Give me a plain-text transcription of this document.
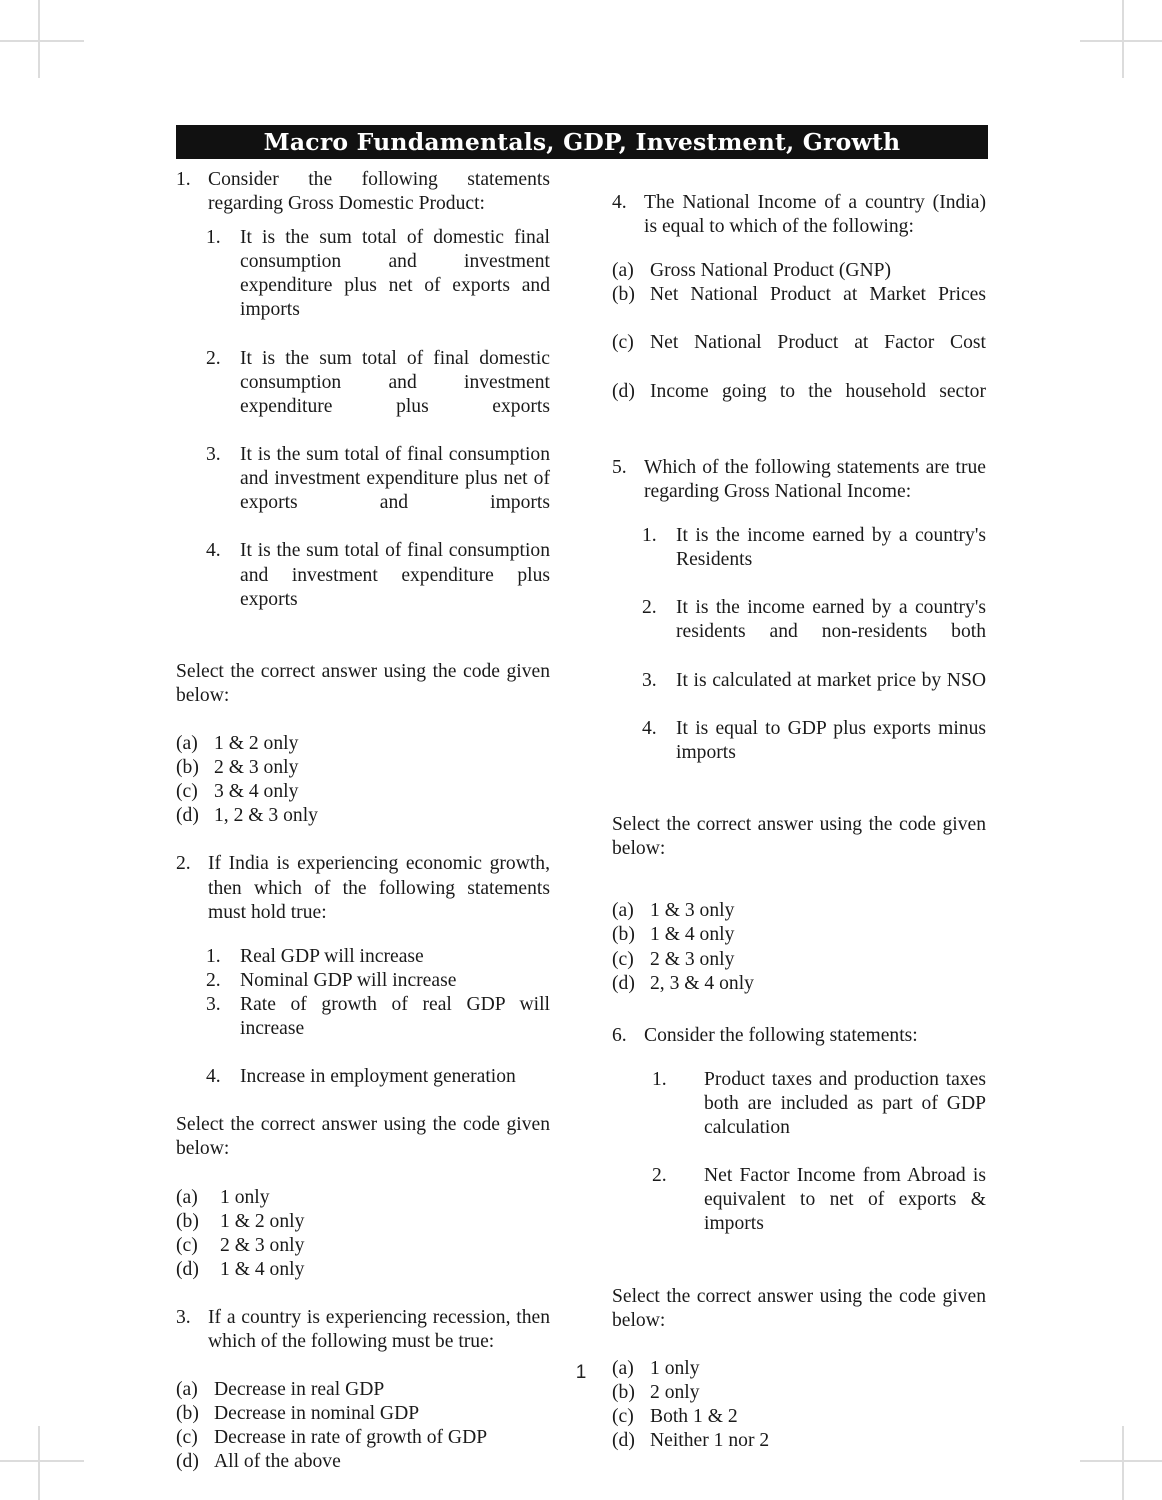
Macro Fundamentals, GDP, Investment, Growth
1. Consider the following statements regarding Gross Domestic Product:
1. It is the sum total of domestic final consumption and investment expenditure plus net of exports and imports
2. It is the sum total of final domestic consumption and investment expenditure plus exports
3. It is the sum total of final consumption and investment expenditure plus net of exports and imports
4. It is the sum total of final consumption and investment expenditure plus exports
Select the correct answer using the code given below:
(a) 1 & 2 only
(b) 2 & 3 only
(c) 3 & 4 only
(d) 1, 2 & 3 only
2. If India is experiencing economic growth, then which of the following statements must hold true:
1. Real GDP will increase
2. Nominal GDP will increase
3. Rate of growth of real GDP will increase
4. Increase in employment generation
Select the correct answer using the code given below:
(a)	1 only
(b)	1 & 2 only
(c)	2 & 3 only
(d)	1 & 4 only
3. If a country is experiencing recession, then which of the following must be true:
(a) Decrease in real GDP
(b) Decrease in nominal GDP
(c) Decrease in rate of growth of GDP
(d) All of the above
4. The National Income of a country (India) is equal to which of the following:
(a) Gross National Product (GNP)
(b) Net National Product at Market Prices
(c) Net National Product at Factor Cost
(d) Income going to the household sector
5. Which of the following statements are true regarding Gross National Income:
1. It is the income earned by a country's Residents
2. It is the income earned by a country's residents and non-residents both
3. It is calculated at market price by NSO
4. It is equal to GDP plus exports minus imports
Select the correct answer using the code given below:
(a) 1 & 3 only
(b) 1 & 4 only
(c) 2 & 3 only
(d) 2, 3 & 4 only
6. Consider the following statements:
1.	Product taxes and production taxes both are included as part of GDP calculation
2.	Net Factor Income from Abroad is equivalent to net of exports & imports
Select the correct answer using the code given below:
(a) 1 only
(b) 2 only
(c) Both 1 & 2
(d) Neither 1 nor 2
1
